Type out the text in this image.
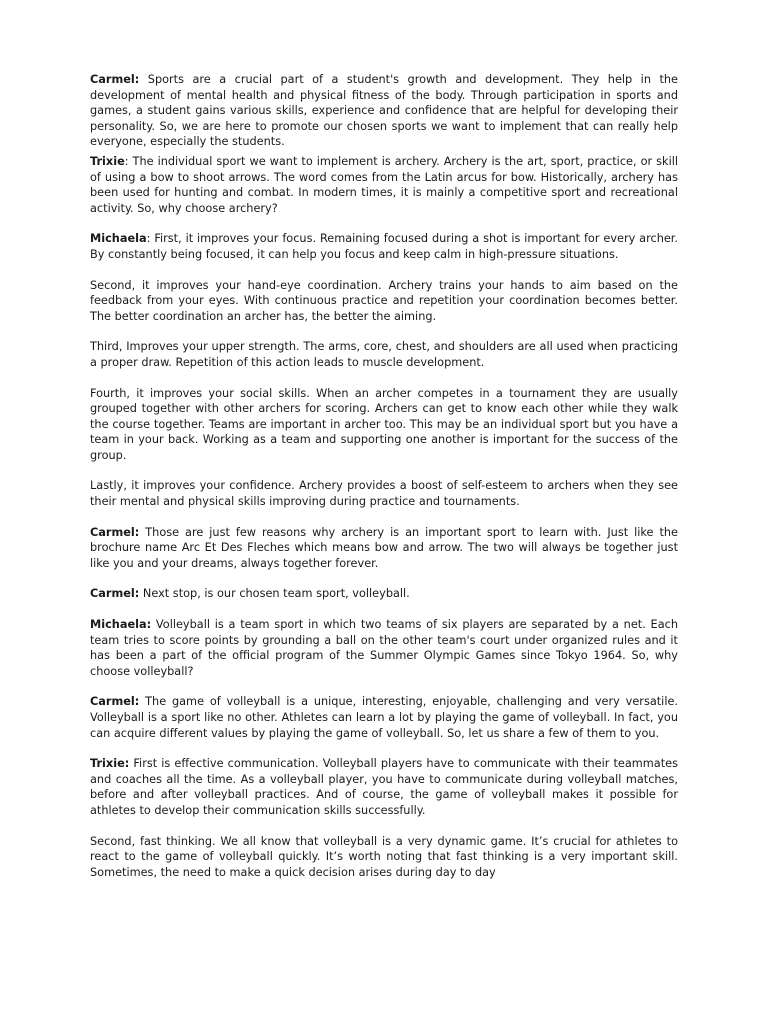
Carmel: Sports are a crucial part of a student's growth and development. They help in the development of mental health and physical fitness of the body. Through participation in sports and games, a student gains various skills, experience and confidence that are helpful for developing their personality. So, we are here to promote our chosen sports we want to implement that can really help everyone, especially the students.

Trixie: The individual sport we want to implement is archery. Archery is the art, sport, practice, or skill of using a bow to shoot arrows. The word comes from the Latin arcus for bow. Historically, archery has been used for hunting and combat. In modern times, it is mainly a competitive sport and recreational activity. So, why choose archery?

Michaela: First, it improves your focus. Remaining focused during a shot is important for every archer. By constantly being focused, it can help you focus and keep calm in high-pressure situations.

Second, it improves your hand-eye coordination. Archery trains your hands to aim based on the feedback from your eyes. With continuous practice and repetition your coordination becomes better. The better coordination an archer has, the better the aiming.

Third, Improves your upper strength. The arms, core, chest, and shoulders are all used when practicing a proper draw. Repetition of this action leads to muscle development.

Fourth, it improves your social skills. When an archer competes in a tournament they are usually grouped together with other archers for scoring. Archers can get to know each other while they walk the course together. Teams are important in archer too. This may be an individual sport but you have a team in your back. Working as a team and supporting one another is important for the success of the group.

Lastly, it improves your confidence. Archery provides a boost of self-esteem to archers when they see their mental and physical skills improving during practice and tournaments.

Carmel: Those are just few reasons why archery is an important sport to learn with. Just like the brochure name Arc Et Des Fleches which means bow and arrow. The two will always be together just like you and your dreams, always together forever.

Carmel: Next stop, is our chosen team sport, volleyball.

Michaela: Volleyball is a team sport in which two teams of six players are separated by a net. Each team tries to score points by grounding a ball on the other team's court under organized rules and it has been a part of the official program of the Summer Olympic Games since Tokyo 1964. So, why choose volleyball?

Carmel: The game of volleyball is a unique, interesting, enjoyable, challenging and very versatile. Volleyball is a sport like no other. Athletes can learn a lot by playing the game of volleyball. In fact, you can acquire different values by playing the game of volleyball. So, let us share a few of them to you.

Trixie: First is effective communication. Volleyball players have to communicate with their teammates and coaches all the time. As a volleyball player, you have to communicate during volleyball matches, before and after volleyball practices. And of course, the game of volleyball makes it possible for athletes to develop their communication skills successfully.

Second, fast thinking. We all know that volleyball is a very dynamic game. It’s crucial for athletes to react to the game of volleyball quickly. It’s worth noting that fast thinking is a very important skill. Sometimes, the need to make a quick decision arises during day to day
